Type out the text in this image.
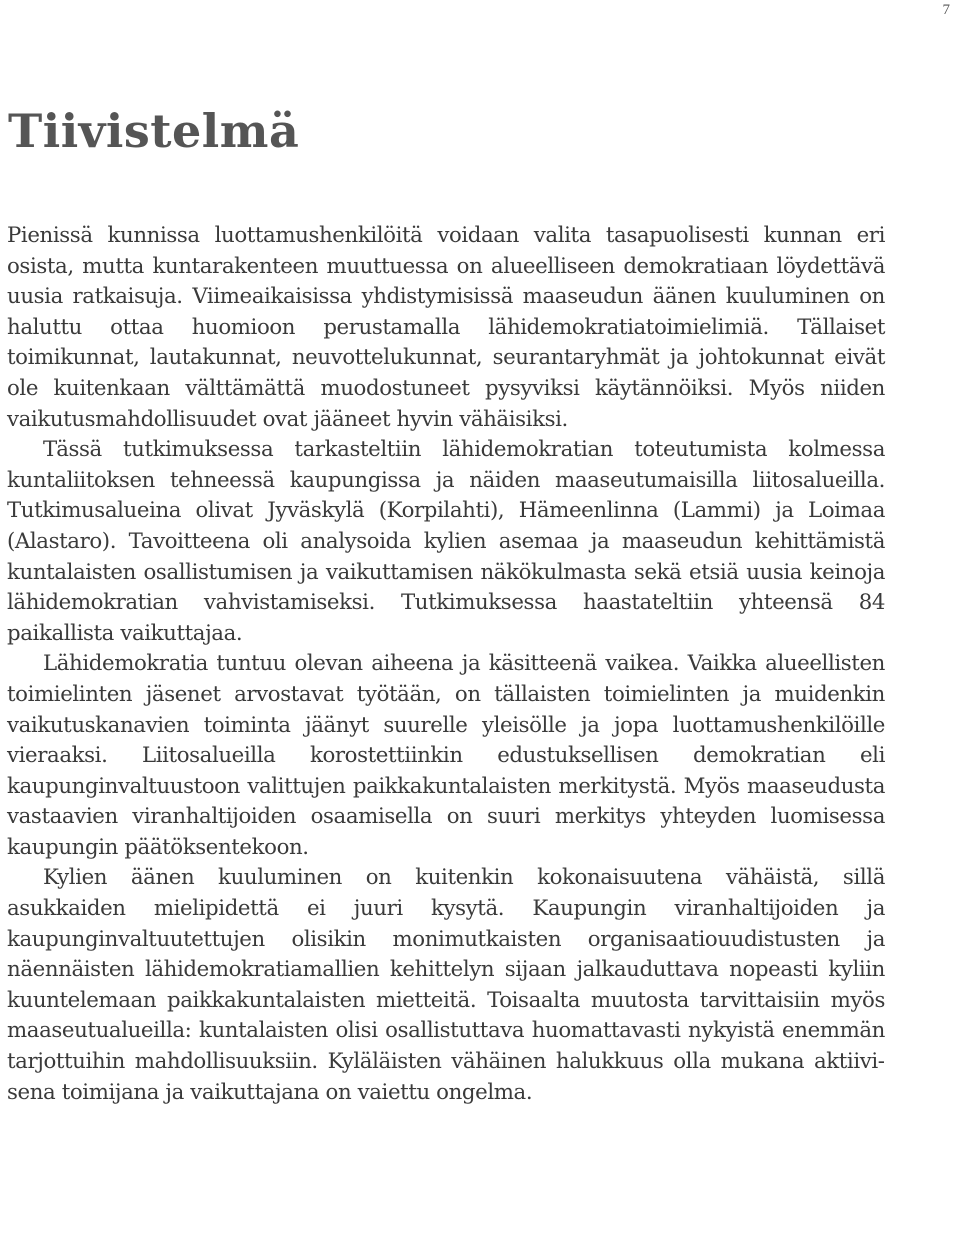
7
Tiivistelmä

Pienissä kunnissa luottamushenkilöitä voidaan valita tasapuolisesti kunnan eri osista, mutta kuntarakenteen muuttuessa on alueelliseen demokratiaan löydettävä uusia ratkaisuja. Viimeaikaisissa yhdistymisissä maaseudun äänen kuuluminen on haluttu ottaa huomioon perustamalla lähidemokratiatoimielimiä. Tällaiset toimikunnat, lautakunnat, neuvottelukunnat, seurantaryhmät ja johtokunnat eivät ole kuitenkaan välttämättä muodostuneet pysyviksi käytännöiksi. Myös niiden vaikutusmahdollisuudet ovat jääneet hyvin vähäisiksi.

Tässä tutkimuksessa tarkasteltiin lähidemokratian toteutumista kolmessa kuntaliitoksen tehneessä kaupungissa ja näiden maaseutumaisilla liitosalueilla. Tutkimusalueina olivat Jyväskylä (Korpilahti), Hämeenlinna (Lammi) ja Loimaa (Alastaro). Tavoitteena oli analysoida kylien asemaa ja maaseudun kehittämistä kuntalaisten osallistumisen ja vaikuttamisen näkökulmasta sekä etsiä uusia keinoja lähidemokratian vahvistamiseksi. Tutkimuksessa haastateltiin yhteensä 84 paikallista vaikuttajaa.

Lähidemokratia tuntuu olevan aiheena ja käsitteenä vaikea. Vaikka alueellisten toimielinten jäsenet arvostavat työtään, on tällaisten toimielinten ja muidenkin vaikutuskanavien toiminta jäänyt suurelle yleisölle ja jopa luottamushenkilöille vieraaksi. Liitosalueilla korostettiinkin edustuksellisen demokratian eli kaupunginvaltuustoon valittujen paikkakuntalaisten merkitystä. Myös maaseudusta vastaavien viranhaltijoiden osaamisella on suuri merkitys yhteyden luomisessa kaupungin päätöksentekoon.

Kylien äänen kuuluminen on kuitenkin kokonaisuutena vähäistä, sillä asukkaiden mielipidettä ei juuri kysytä. Kaupungin viranhaltijoiden ja kaupunginvaltuutettujen olisikin monimutkaisten organisaatiouudistusten ja näennäisten lähidemokratiamallien kehittelyn sijaan jalkauduttava nopeasti kyliin kuuntelemaan paikkakuntalaisten mietteitä. Toisaalta muutosta tarvittaisiin myös maaseutualueilla: kuntalaisten olisi osallistuttava huomattavasti nykyistä enemmän tarjottuihin mahdollisuuksiin. Kyläläisten vähäinen halukkuus olla mukana aktiivisena toimijana ja vaikuttajana on vaiettu ongelma.
